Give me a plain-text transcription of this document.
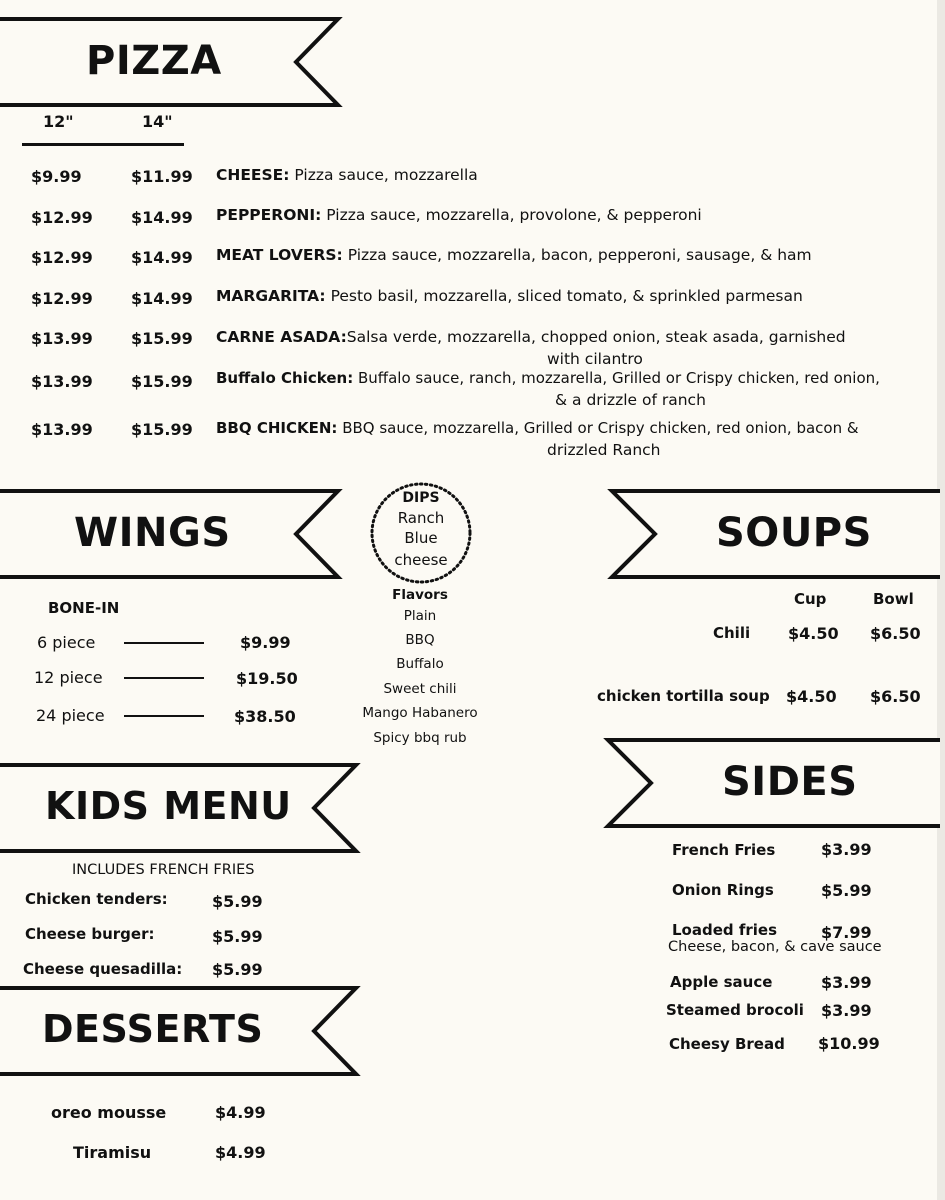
PIZZA
12"	14"
$9.99	$11.99 CHEESE: Pizza sauce, mozzarella
$12.99 $14.99 PEPPERONI: Pizza sauce, mozzarella, provolone, & pepperoni
$12.99 $14.99 MEAT LOVERS: Pizza sauce, mozzarella, bacon, pepperoni, sausage, & ham
$12.99 $14.99 MARGARITA: Pesto basil, mozzarella, sliced tomato, & sprinkled parmesan
$13.99 $15.99 CARNE ASADA:Salsa verde, mozzarella, chopped onion, steak asada, garnished
with cilantro
$13.99 $15.99 Buffalo Chicken: Buffalo sauce, ranch, mozzarella, Grilled or Crispy chicken, red onion,
& a drizzle of ranch
$13.99 $15.99 BBQ CHICKEN: BBQ sauce, mozzarella, Grilled or Crispy chicken, red onion, bacon &
drizzled Ranch
WINGS
BONE-IN
6 piece	$9.99
12 piece	$19.50
24 piece	$38.50
DIPS
Ranch
Blue
cheese
Flavors
Plain
BBQ
Buffalo
Sweet chili
Mango Habanero
Spicy bbq rub
SOUPS
Cup	Bowl
Chili $4.50 $6.50
chicken tortilla soup $4.50 $6.50
SIDES
French Fries	$3.99
Onion Rings	$5.99
Loaded fries	$7.99
Cheese, bacon, & cave sauce
Apple sauce	$3.99
Steamed brocoli $3.99
Cheesy Bread $10.99
KIDS MENU
INCLUDES FRENCH FRIES
Chicken tenders:	$5.99
Cheese burger:	$5.99
Cheese quesadilla: $5.99
DESSERTS
oreo mousse	$4.99
Tiramisu	$4.99
